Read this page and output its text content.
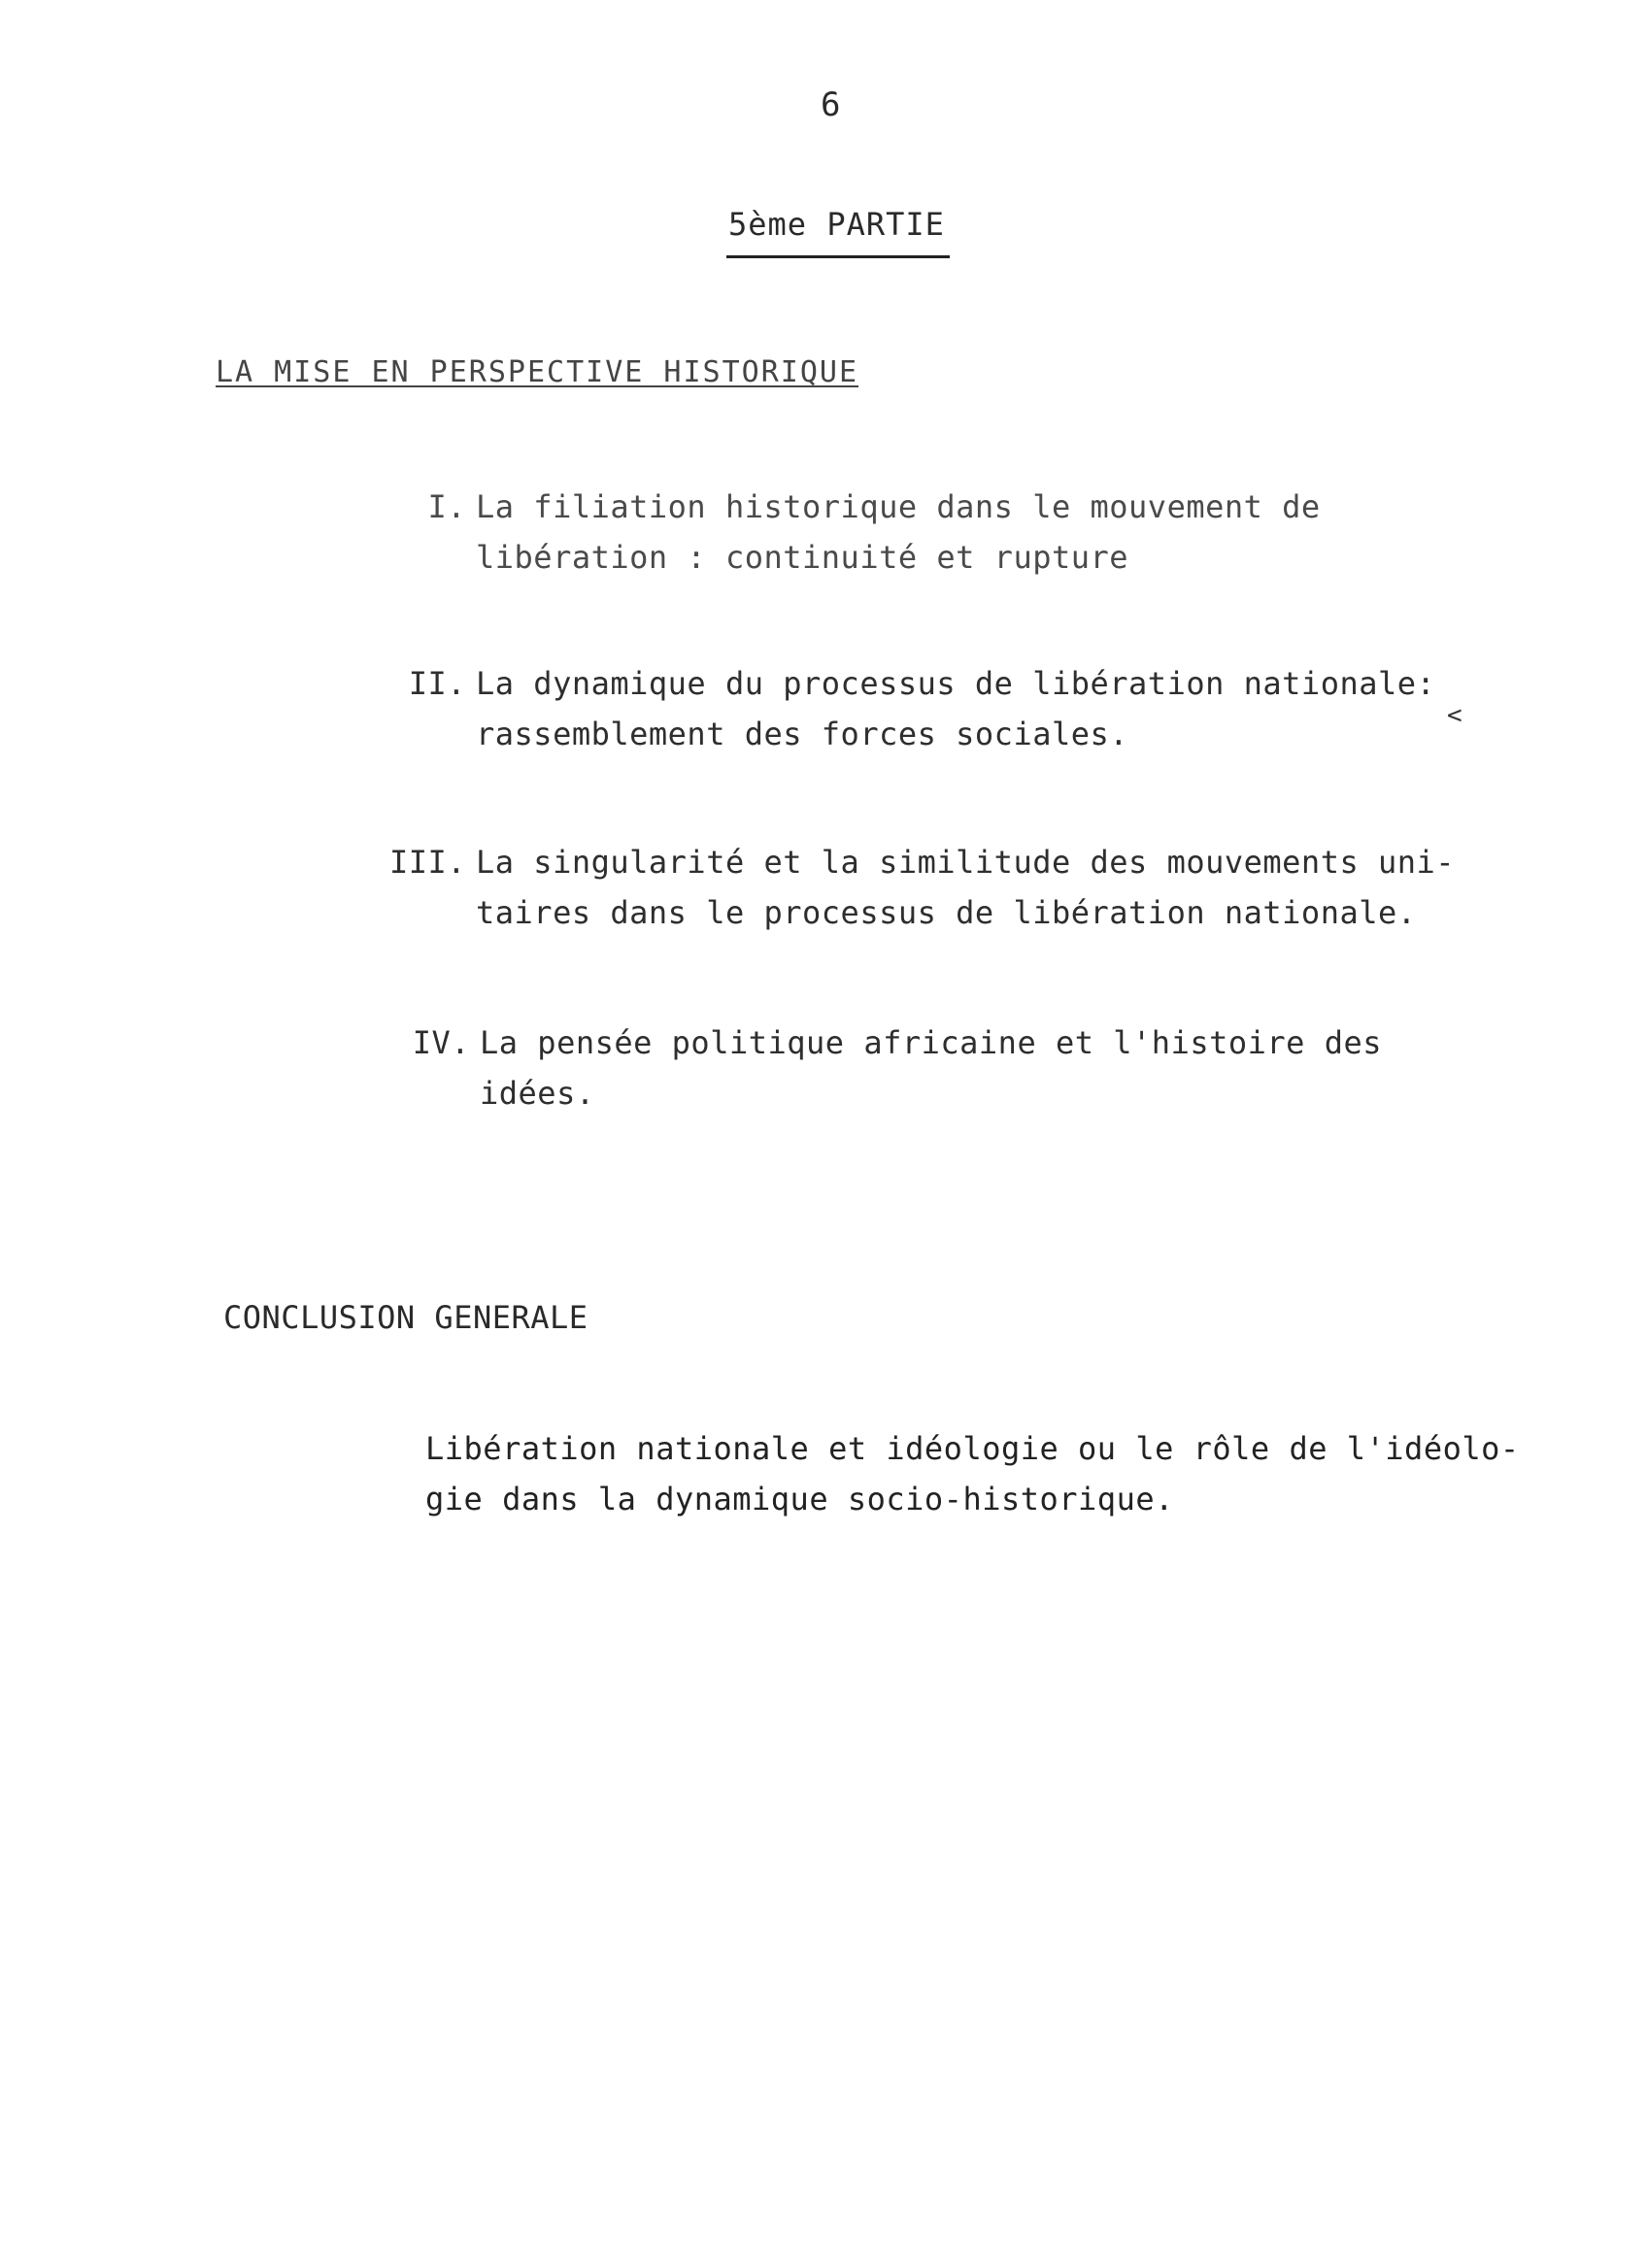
6
5ème PARTIE
LA MISE EN PERSPECTIVE HISTORIQUE
I. La filiation historique dans le mouvement de
libération : continuité et rupture
II. La dynamique du processus de libération nationale:
rassemblement des forces sociales.	<
III. La singularité et la similitude des mouvements uni-
taires dans le processus de libération nationale.
IV. La pensée politique africaine et l'histoire des
idées.
CONCLUSION GENERALE
Libération nationale et idéologie ou le rôle de l'idéolo-
gie dans la dynamique socio-historique.
